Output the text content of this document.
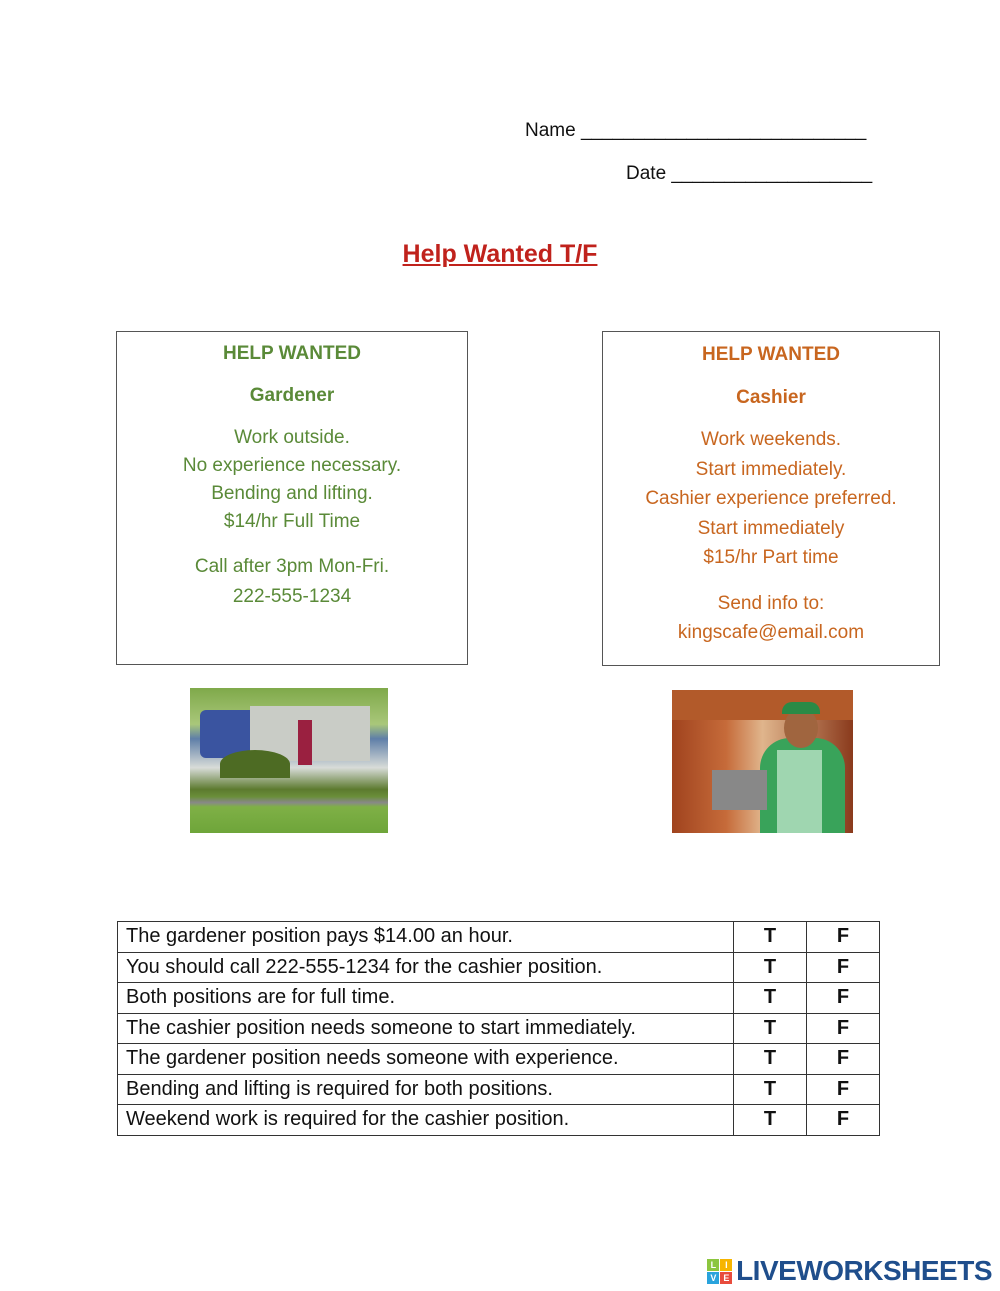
Name ___________________________
Date ___________________
Help Wanted T/F
HELP WANTED
Gardener
Work outside.
No experience necessary.
Bending and lifting.
$14/hr Full Time
Call after 3pm Mon-Fri.
222-555-1234
HELP WANTED
Cashier
Work weekends.
Start immediately.
Cashier experience preferred.
Start immediately
$15/hr Part time
Send info to:
kingscafe@email.com
The gardener position pays $14.00 an hour.	T	F
You should call 222-555-1234 for the cashier position.	T	F
Both positions are for full time.	T	F
The cashier position needs someone to start immediately.	T	F
The gardener position needs someone with experience.	T	F
Bending and lifting is required for both positions.	T	F
Weekend work is required for the cashier position.	T	F
L	I
V E LIVEWORKSHEETS
